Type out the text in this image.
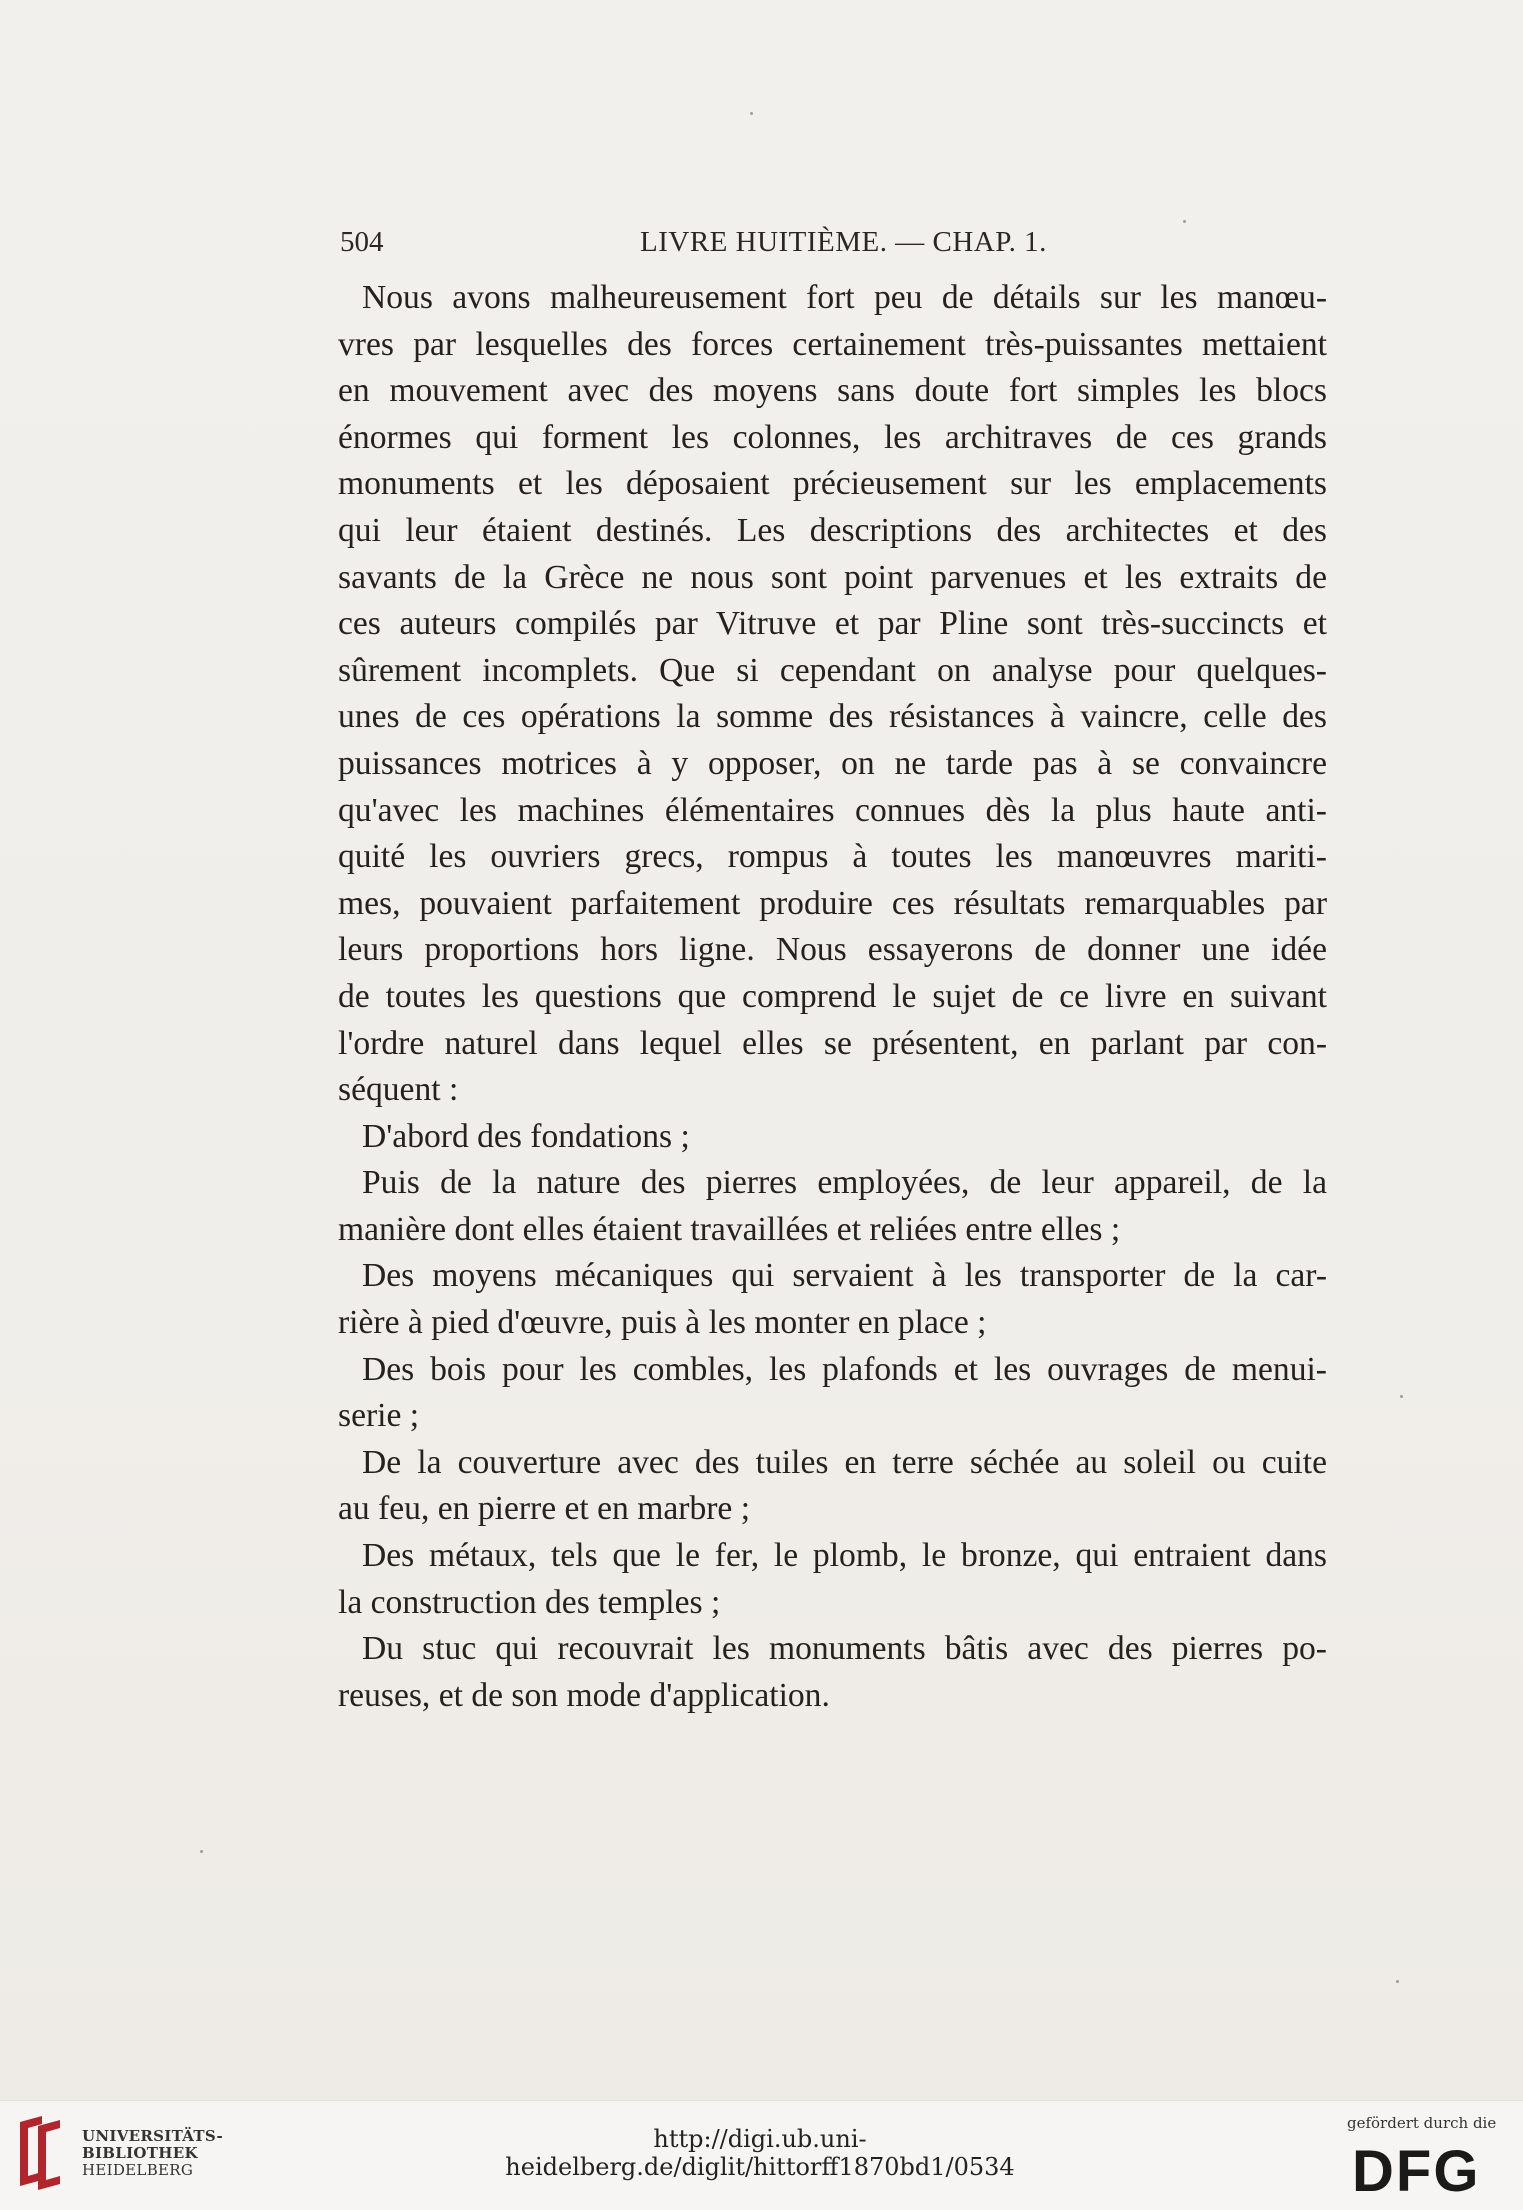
504	LIVRE HUITIÈME. — CHAP. 1.
Nous avons malheureusement fort peu de détails sur les manœu-
vres par lesquelles des forces certainement très-puissantes mettaient
en mouvement avec des moyens sans doute fort simples les blocs
énormes qui forment les colonnes, les architraves de ces grands
monuments et les déposaient précieusement sur les emplacements
qui leur étaient destinés. Les descriptions des architectes et des
savants de la Grèce ne nous sont point parvenues et les extraits de
ces auteurs compilés par Vitruve et par Pline sont très-succincts et
sûrement incomplets. Que si cependant on analyse pour quelques-
unes de ces opérations la somme des résistances à vaincre, celle des
puissances motrices à y opposer, on ne tarde pas à se convaincre
qu'avec les machines élémentaires connues dès la plus haute anti-
quité les ouvriers grecs, rompus à toutes les manœuvres mariti-
mes, pouvaient parfaitement produire ces résultats remarquables par
leurs proportions hors ligne. Nous essayerons de donner une idée
de toutes les questions que comprend le sujet de ce livre en suivant
l'ordre naturel dans lequel elles se présentent, en parlant par con-
séquent :
D'abord des fondations ;
Puis de la nature des pierres employées, de leur appareil, de la
manière dont elles étaient travaillées et reliées entre elles ;
Des moyens mécaniques qui servaient à les transporter de la car-
rière à pied d'œuvre, puis à les monter en place ;
Des bois pour les combles, les plafonds et les ouvrages de menui-
serie ;
De la couverture avec des tuiles en terre séchée au soleil ou cuite
au feu, en pierre et en marbre ;
Des métaux, tels que le fer, le plomb, le bronze, qui entraient dans
la construction des temples ;
Du stuc qui recouvrait les monuments bâtis avec des pierres po-
reuses, et de son mode d'application.
UNIVERSITÄTS-
BIBLIOTHEK
HEIDELBERG
http://digi.ub.uni-heidelberg.de/diglit/hittorff1870bd1/0534
gefördert durch die
DFG
